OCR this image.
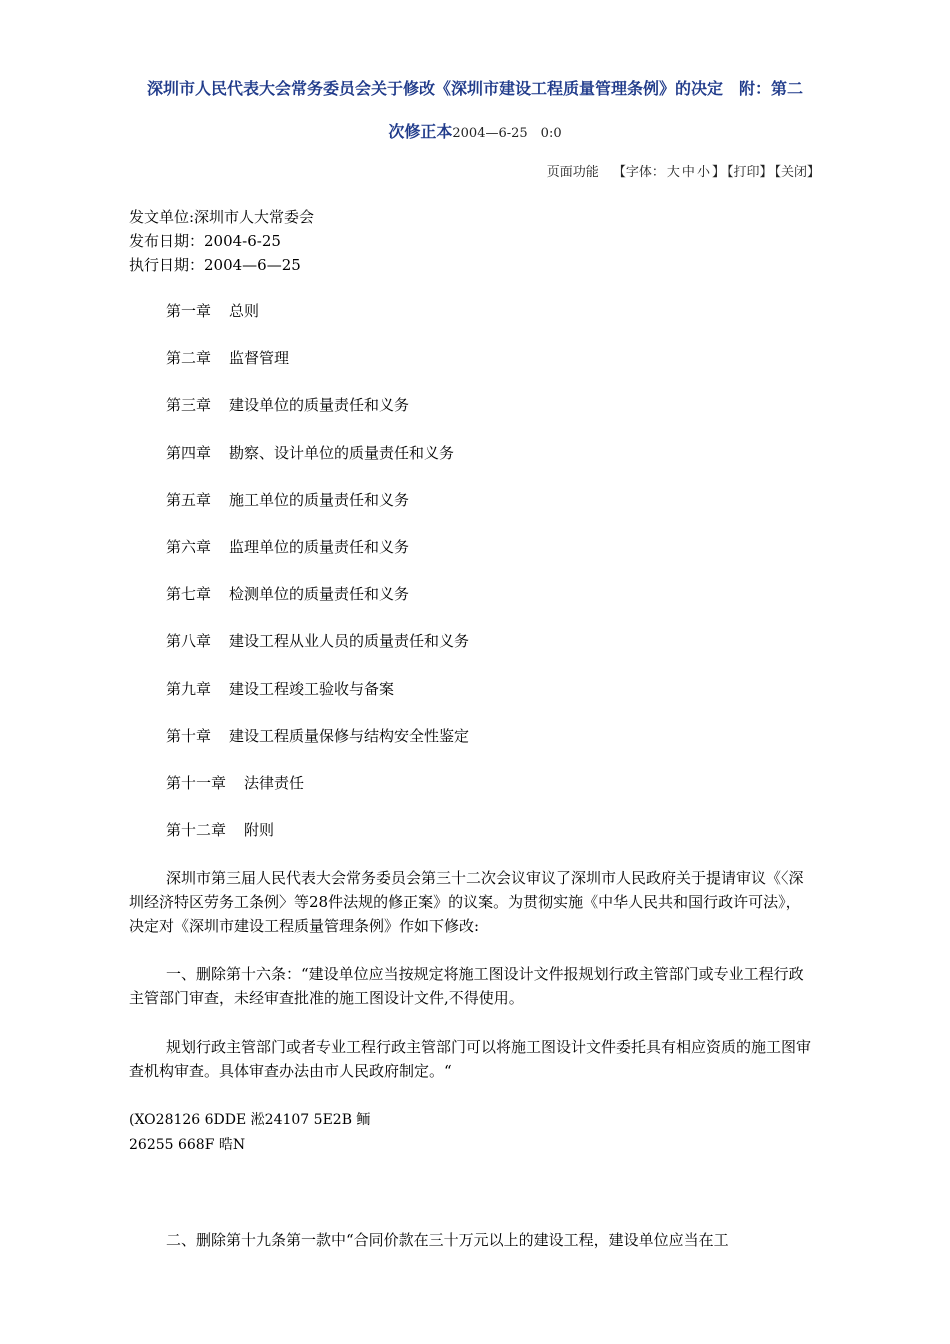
深圳市人民代表大会常务委员会关于修改《深圳市建设工程质量管理条例》的决定　附：第二
次修正本2004—6-25　0:0
页面功能 【字体： 大 中 小 】 【打印】 【关闭】
发文单位:深圳市人大常委会
发布日期：2004-6-25
执行日期：2004—6—25
第一章 总则
第二章 监督管理
第三章 建设单位的质量责任和义务
第四章 勘察、设计单位的质量责任和义务
第五章 施工单位的质量责任和义务
第六章 监理单位的质量责任和义务
第七章 检测单位的质量责任和义务
第八章 建设工程从业人员的质量责任和义务
第九章 建设工程竣工验收与备案
第十章 建设工程质量保修与结构安全性鉴定
第十一章 法律责任
第十二章 附则

深圳市第三届人民代表大会常务委员会第三十二次会议审议了深圳市人民政府关于提请审议《〈深圳经济特区劳务工条例〉等28件法规的修正案》的议案。为贯彻实施《中华人民共和国行政许可法》，决定对《深圳市建设工程质量管理条例》作如下修改:

一、删除第十六条：“建设单位应当按规定将施工图设计文件报规划行政主管部门或专业工程行政主管部门审查，未经审查批准的施工图设计文件,不得使用。

规划行政主管部门或者专业工程行政主管部门可以将施工图设计文件委托具有相应资质的施工图审查机构审查。具体审查办法由市人民政府制定。“

(XO28126 6DDE 淞24107 5E2B 鲕
26255 668F 晧N

二、删除第十九条第一款中“合同价款在三十万元以上的建设工程，建设单位应当在工
